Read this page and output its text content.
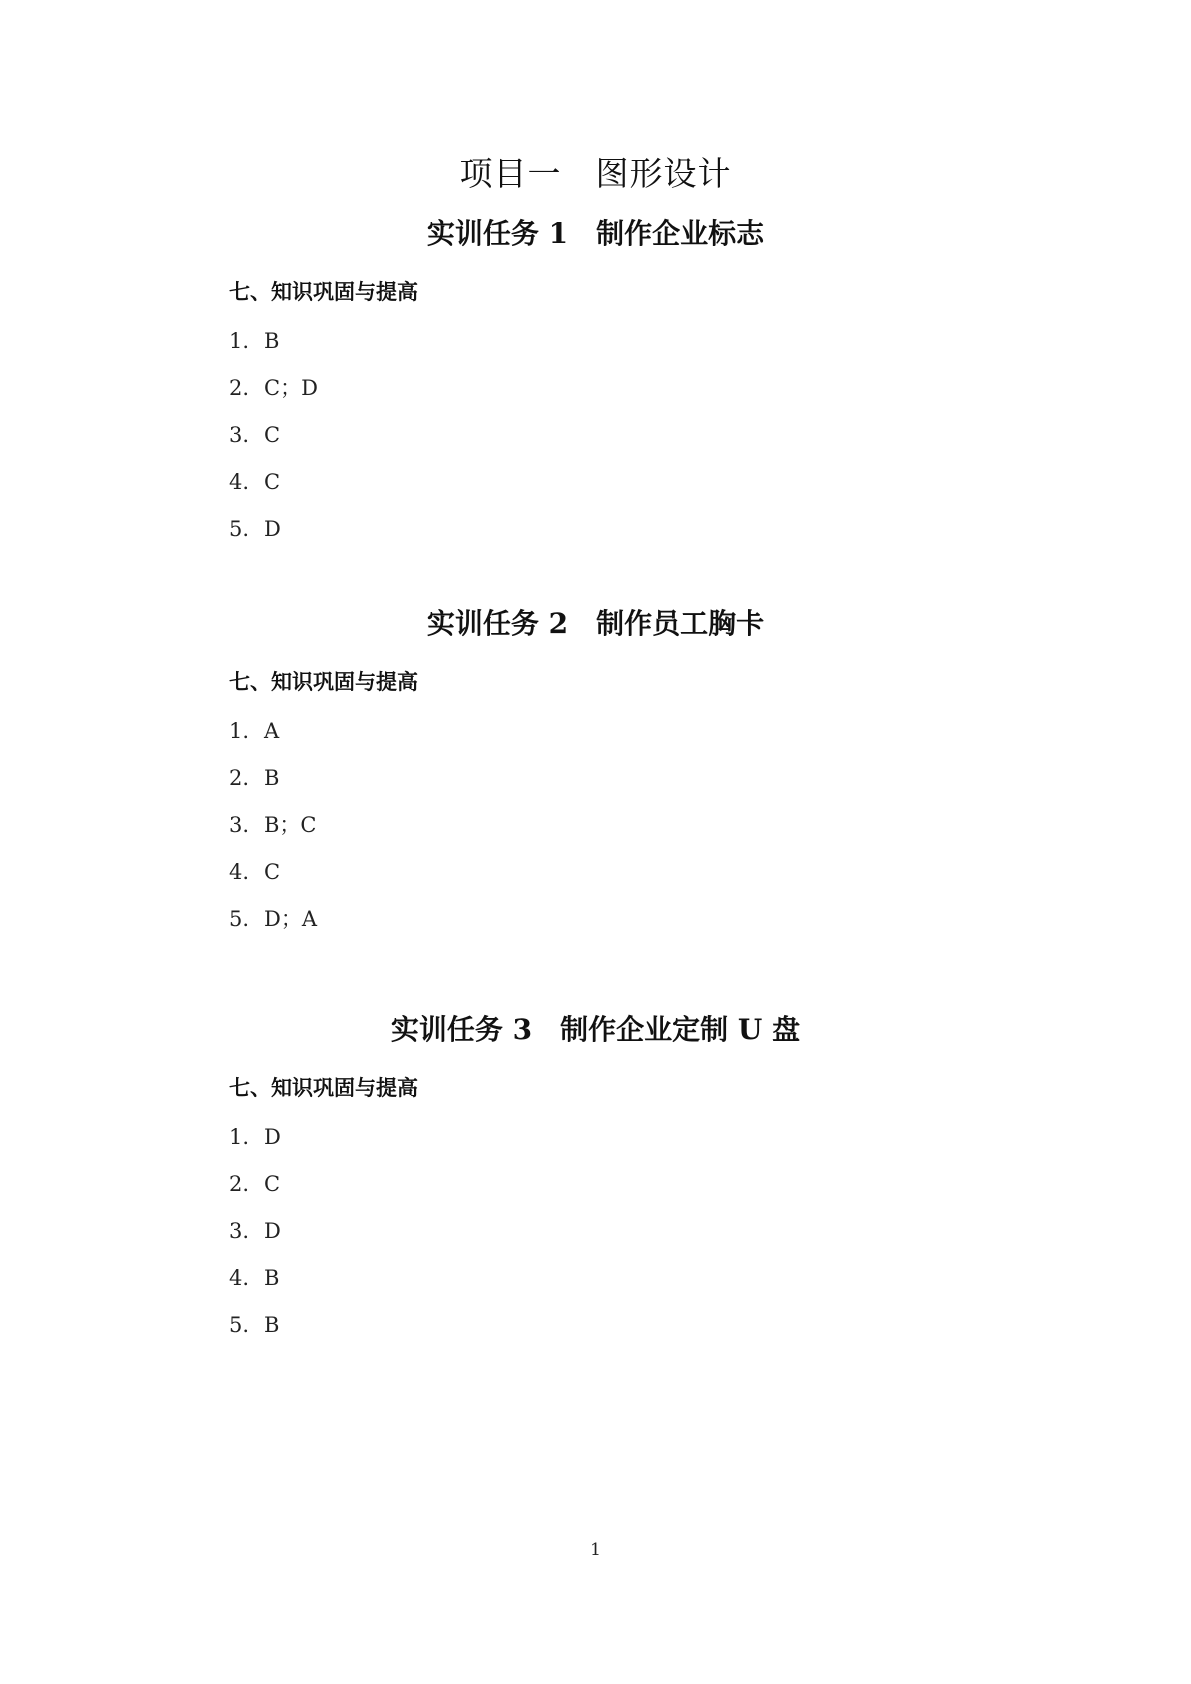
项目一　图形设计
实训任务 1　制作企业标志
七、知识巩固与提高
1. B
2. C；D
3. C
4. C
5. D
实训任务 2　制作员工胸卡
七、知识巩固与提高
1. A
2. B
3. B；C
4. C
5. D；A
实训任务 3　制作企业定制 U 盘
七、知识巩固与提高
1. D
2. C
3. D
4. B
5. B
1
